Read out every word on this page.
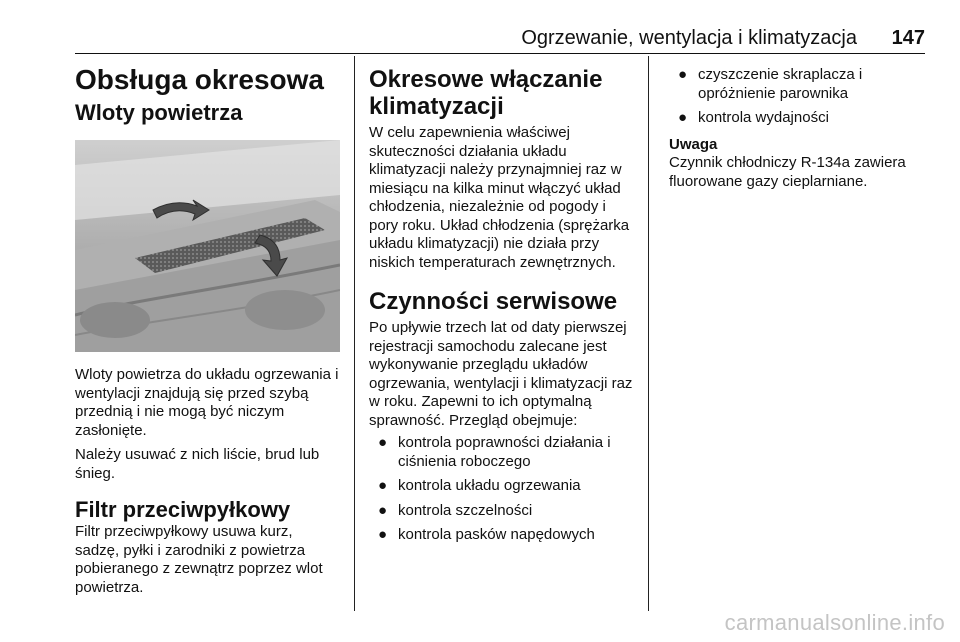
Ogrzewanie, wentylacja i klimatyzacja 147
Obsługa okresowa
Wloty powietrza

Wloty powietrza do układu ogrzewania i wentylacji znajdują się przed szybą przednią i nie mogą być niczym zasłonięte.

Należy usuwać z nich liście, brud lub śnieg.

Filtr przeciwpyłkowy

Filtr przeciwpyłkowy usuwa kurz, sadzę, pyłki i zarodniki z powietrza pobieranego z zewnątrz poprzez wlot powietrza.

Okresowe włączanie klimatyzacji

W celu zapewnienia właściwej skuteczności działania układu klimatyzacji należy przynajmniej raz w miesiącu na kilka minut włączyć układ chłodzenia, niezależnie od pogody i pory roku. Układ chłodzenia (sprężarka układu klimatyzacji) nie działa przy niskich temperaturach zewnętrznych.

Czynności serwisowe

Po upływie trzech lat od daty pierwszej rejestracji samochodu zalecane jest wykonywanie przeglądu układów ogrzewania, wentylacji i klimatyzacji raz w roku. Zapewni to ich optymalną sprawność. Przegląd obejmuje:

● kontrola poprawności działania i ciśnienia roboczego
● kontrola układu ogrzewania
● kontrola szczelności
● kontrola pasków napędowych
● czyszczenie skraplacza i opróżnienie parownika
● kontrola wydajności
Uwaga

Czynnik chłodniczy R-134a zawiera fluorowane gazy cieplarniane.

carmanualsonline.info
